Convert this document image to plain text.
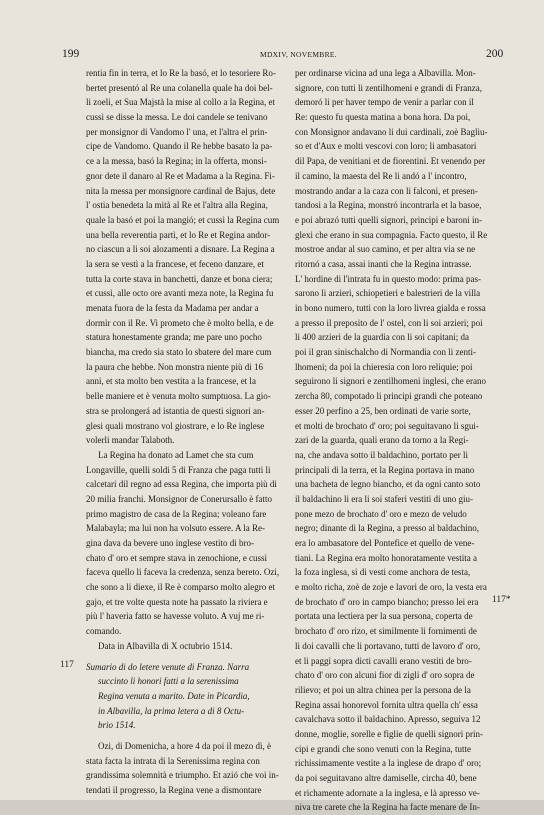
199	MDXIV, NOVEMBRE.	200
rentia fin in terra, et lo Re la basó, et lo tesoriere Ro-
bertet presentó al Re una colanella quale ha doi bel-
li zoeli, et Sua Majstà la mise al collo a la Regina, et
cussì se disse la messa. Le doi candele se tenivano
per monsignor di Vandomo l' una, et l'altra el prin-
cipe de Vandomo. Quando il Re hebbe basato la pa-
ce a la messa, basó la Regina; in la offerta, monsi-
gnor dete il danaro al Re et Madama a la Regina. Fi-
nita la messa per monsignore cardinal de Bajus, dete
l' ostia benedeta la mità al Re et l'altra alla Regina,
quale la basó et poi la mangió; et cussì la Regina cum
una bella reverentia partì, et lo Re et Regina andor-
no ciascun a li soi alozamenti a disnare. La Regina a
la sera se vestì a la francese, et feceno danzare, et
tutta la corte stava in banchetti, danze et bona ciera;
et cussì, alle octo ore avanti meza note, la Regina fu
menata fuora de la festa da Madama per andar a
dormir con il Re. Vi prometo che è molto bella, e de
statura honestamente granda; me pare uno pocho
biancha, ma credo sia stato lo sbatere del mare cum
la paura che hebbe. Non monstra niente più di 16
anni, et sta molto ben vestita a la francese, et la
belle maniere et è venuta molto sumptuosa. La gio-
stra se prolongerá ad istantia de questi signori an-
glesi quali mostrano vol giostrare, e lo Re inglese
volerli mandar Talaboth.
La Regina ha donato ad Lamet che sta cum
Longaville, quelli soldi 5 di Franza che paga tutti li
calcetari dil regno ad essa Regina, che importa più di
20 milia franchi. Monsignor de Conerursallo è fatto
primo magistro de casa de la Regina; voleano fare
Malabayla; ma lui non ha volsuto essere. A la Re-
gina dava da bevere uno inglese vestito di bro-
chato d' oro et sempre stava in zenochione, e cussì
faceva quello li faceva la credenza, senza bereto. Ozi,
che sono a li diexe, il Re è comparso molto alegro et
gajo, et tre volte questa note ha passato la riviera e
più l' haveria fatto se havesse voluto. A vuj me ri-
comando.
Data in Albavilla di X octubrio 1514.
Sumario di do letere venute di Franza. Narra
succinto li honori fatti a la serenissima
Regina venuta a marito. Date in Picardia,
in Albavilla, la prima letera a di 8 Octu-
brio 1514.
Ozi, di Domenicha, a hore 4 da poi il mezo dì, è
stata facta la intrata di la Serenissima regina con
grandissima solemnità e triumpho. Et azió che voi in-
tendati il progresso, la Regina vene a dismontare
117
per ordinarse vicina ad una lega a Albavilla. Mon-
signore, con tutti li zentilhomeni e grandi di Franza,
demoró li per haver tempo de venir a parlar con il
Re: questo fu questa matina a bona hora. Da poi,
con Monsignor andavano li dui cardinali, zoè Baglìu-
so et d'Aux e molti vescovi con loro; li ambasatori
dil Papa, de venitiani et de fiorentini. Et venendo per
il camino, la maesta del Re li andó a l' incontro,
mostrando andar a la caza con li falconi, et presen-
tandosi a la Regina, monstró incontrarla et la basoe,
e poi abrazó tutti quelli signori, principi e baroni in-
glexi che erano in sua compagnia. Facto questo, il Re
mostroe andar al suo camino, et per altra via se ne
ritornó a casa, assai inanti che la Regina intrasse.
L' hordine di l'intrata fu in questo modo: prima pas-
sarono li arzieri, schiopetieri e balestrieri de la villa
in bono numero, tutti con la loro livrea gialda e rossa
a presso il preposito de l' ostel, con li soi arzieri; poi
li 400 arzieri de la guardia con li soi capitani; da
poi il gran sinischalcho di Normandia con li zenti-
lhomeni; da poi la chieresia con loro reliquie; poi
seguirono li signori e zentilhomeni inglesi, che erano
zercha 80, compotado li principi grandi che poteano
esser 20 perfino a 25, ben ordinati de varie sorte,
et molti de brochato d' oro; poi seguitavano li sgui-
zari de la guarda, quali erano da torno a la Regi-
na, che andava sotto il baldachino, portato per li
principali di la terra, et la Regina portava in mano
una bacheta de legno biancho, et da ogni canto soto
il baldachino li era li soi staferi vestiti di uno giu-
pone mezo de brochato d' oro e mezo de veludo
negro; dinante di la Regina, a presso al baldachino,
era lo ambasatore del Pontefice et quello de vene-
tiani. La Regina era molto honoratamente vestita a
la foza inglesa, si di vesti come anchora de testa,
e molto richa, zoè de zoje e lavori de oro, la vesta era
de brochato d' oro in campo biancho; presso lei era
portata una lectiera per la sua persona, coperta de
brochato d' oro rizo, et similmente li fornimenti de
li doi cavalli che li portavano, tutti de lavoro d' oro,
et li paggi sopra dicti cavalli erano vestiti de bro-
chato d' oro con alcuni fior di zigli d' oro sopra de
rilievo; et poi un altra chinea per la persona de la
Regina assai honorevol fornita ultra quella ch' essa
cavalchava sotto il baldachino. Apresso, seguiva 12
donne, moglie, sorelle e figlie de quelli signori prin-
cipi e grandi che sono venuti con la Regina, tutte
richissimamente vestite a la inglese de drapo d' oro;
da poi seguitavano altre damiselle, circha 40, bene
et richamente adornate a la inglesa, e là apresso ve-
niva tre carete che la Regina ha facte menare de In-
117*
